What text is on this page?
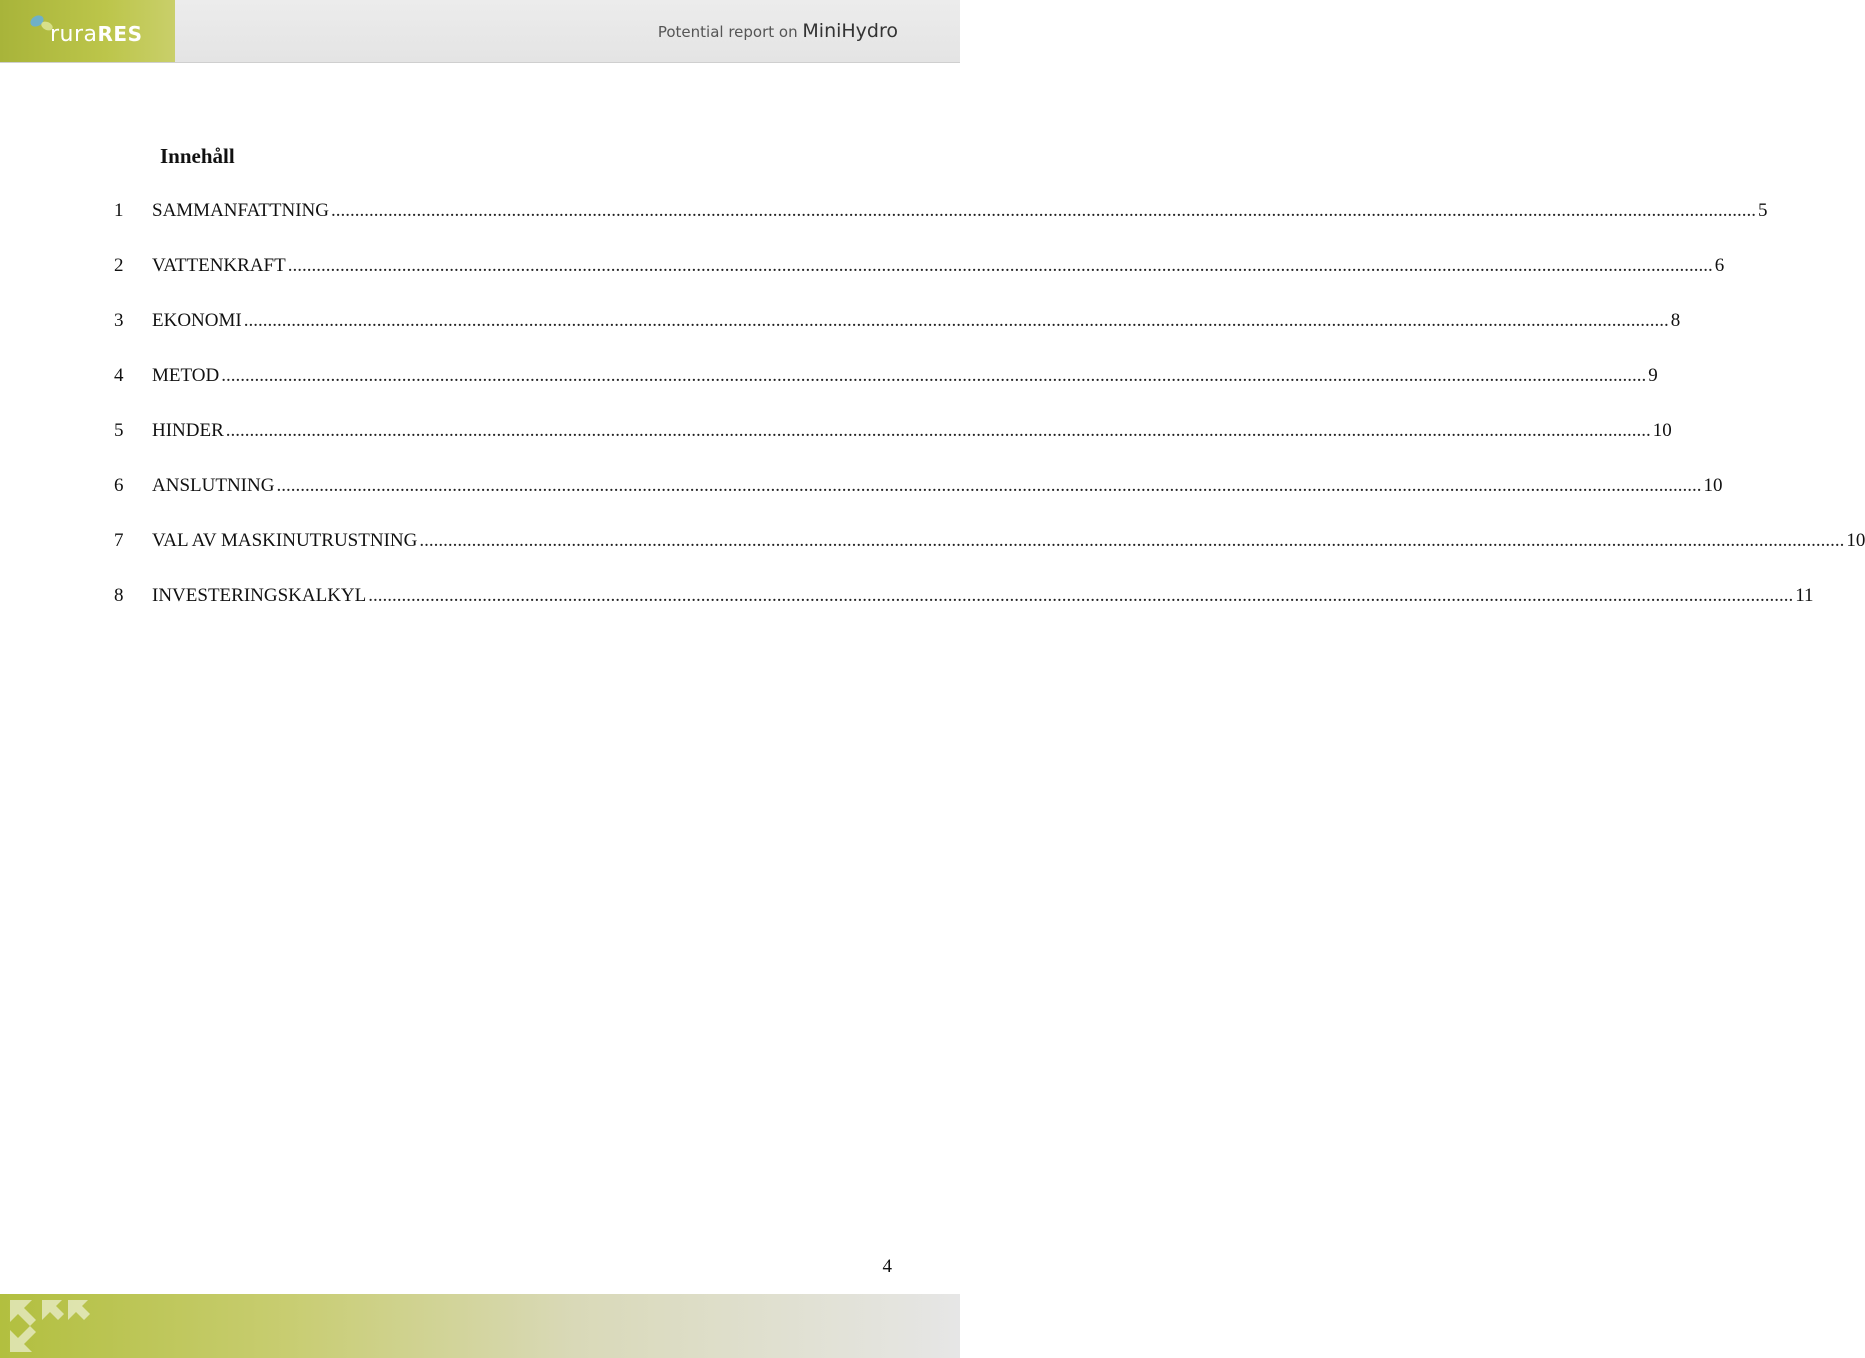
ruraRES	Potential report on MiniHydro
Innehåll
1	SAMMANFATTNING ............................................................................................................................................................................................................................................................................................................ 5
2	VATTENKRAFT ............................................................................................................................................................................................................................................................................................................ 6
3	EKONOMI ............................................................................................................................................................................................................................................................................................................ 8
4	METOD ............................................................................................................................................................................................................................................................................................................ 9
5	HINDER ............................................................................................................................................................................................................................................................................................................ 10
6	ANSLUTNING ............................................................................................................................................................................................................................................................................................................ 10
7	VAL AV MASKINUTRUSTNING ............................................................................................................................................................................................................................................................................................................ 10
8	INVESTERINGSKALKYL ............................................................................................................................................................................................................................................................................................................ 11
4
